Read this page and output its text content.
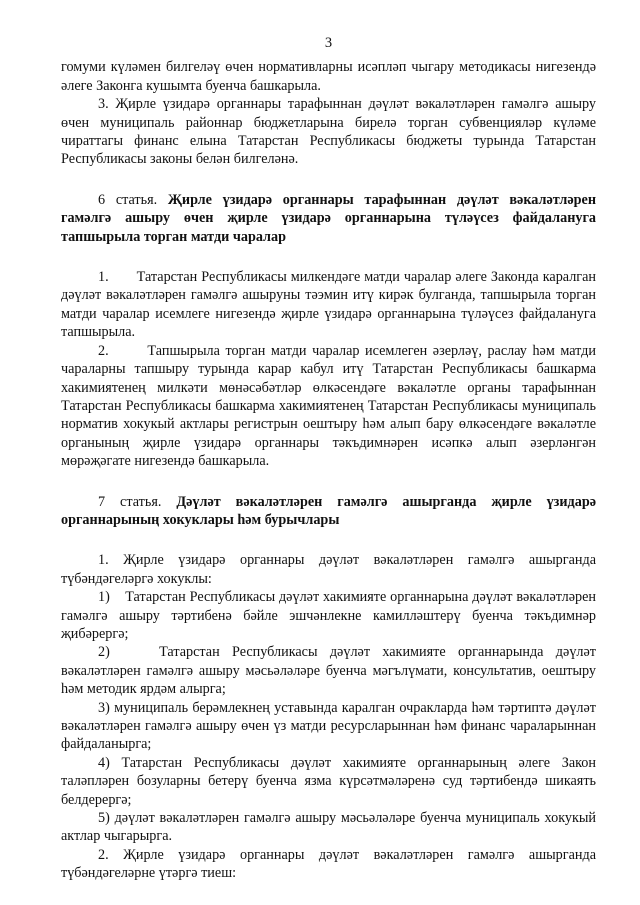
3

гомуми күләмен билгеләү өчен нормативларны исәпләп чыгару методикасы нигезендә әлеге Законга кушымта буенча башкарыла.

3. Җирле үзидарә органнары тарафыннан дәүләт вәкаләтләрен гамәлгә ашыру өчен муниципаль районнар бюджетларына бирелә торган субвенцияләр күләме чираттагы финанс елына Татарстан Республикасы бюджеты турында Татарстан Республикасы законы белән билгеләнә.

6 статья. Җирле үзидарә органнары тарафыннан дәүләт вәкаләтләрен гамәлгә ашыру өчен җирле үзидарә органнарына түләүсез файдалануга тапшырыла торган матди чаралар

1.       Татарстан Республикасы милкендәге матди чаралар әлеге Законда каралган дәүләт вәкаләтләрен гамәлгә ашыруны тәэмин итү кирәк булганда, тапшырыла торган матди чаралар исемлеге нигезендә җирле үзидарә органнарына түләүсез файдалануга тапшырыла.

2.       Тапшырыла торган матди чаралар исемлеген әзерләү, раслау һәм матди чараларны тапшыру турында карар кабул итү Татарстан Республикасы башкарма хакимиятенең милкәти мөнәсәбәтләр өлкәсендәге вәкаләтле органы тарафыннан Татарстан Республикасы башкарма хакимиятенең Татарстан Республикасы муниципаль норматив хокукый актлары регистрын оештыру һәм алып бару өлкәсендәге вәкаләтле органының җирле үзидарә органнары тәкъдимнәрен исәпкә алып әзерләнгән мөрәҗәгате нигезендә башкарыла.

7 статья. Дәүләт вәкаләтләрен гамәлгә ашырганда җирле үзидарә органнарының хокуклары һәм бурычлары

1. Җирле үзидарә органнары дәүләт вәкаләтләрен гамәлгә ашырганда түбәндәгеләргә хокуклы:

1)    Татарстан Республикасы дәүләт хакимияте органнарына дәүләт вәкаләтләрен гамәлгә ашыру тәртибенә бәйле эшчәнлекне камилләштерү буенча тәкъдимнәр җибәрергә;

2)    Татарстан Республикасы дәүләт хакимияте органнарында дәүләт вәкаләтләрен гамәлгә ашыру мәсьәләләре буенча мәгълүмати, консультатив, оештыру һәм методик ярдәм алырга;

3) муниципаль берәмлекнең уставында каралган очракларда һәм тәртиптә дәүләт вәкаләтләрен гамәлгә ашыру өчен үз матди ресурсларыннан һәм финанс чараларыннан файдаланырга;

4) Татарстан Республикасы дәүләт хакимияте органнарының әлеге Закон таләпләрен бозуларны бетерү буенча язма күрсәтмәләренә суд тәртибендә шикаять белдерергә;

5) дәүләт вәкаләтләрен гамәлгә ашыру мәсьәләләре буенча муниципаль хокукый актлар чыгарырга.

2. Җирле үзидарә органнары дәүләт вәкаләтләрен гамәлгә ашырганда түбәндәгеләрне үтәргә тиеш:
